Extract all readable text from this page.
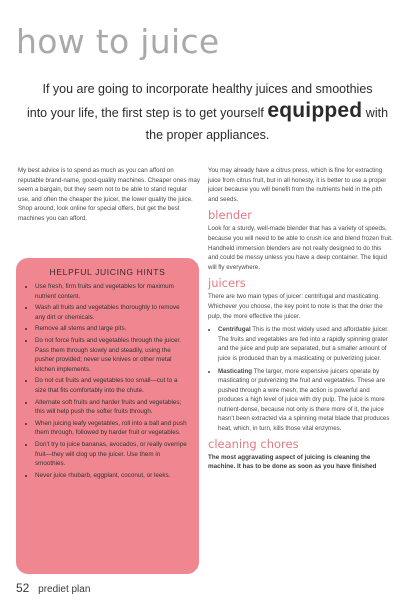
how to juice
If you are going to incorporate healthy juices and smoothies
into your life, the first step is to get yourself equipped with
the proper appliances.

My best advice is to spend as much as you can afford on reputable brand-name, good-quality machines. Cheaper ones may seem a bargain, but they seem not to be able to stand regular use, and often the cheaper the juicer, the lower quality the juice. Shop around, look online for special offers, but get the best machines you can afford.

HELPFUL JUICING HINTS
• Use fresh, firm fruits and vegetables for maximum nutrient content.
• Wash all fruits and vegetables thoroughly to remove any dirt or chemicals.
• Remove all stems and large pits.
• Do not force fruits and vegetables through the juicer. Pass them through slowly and steadily, using the pusher provided; never use knives or other metal kitchen implements.
• Do not cut fruits and vegetables too small—cut to a size that fits comfortably into the chute.
• Alternate soft fruits and harder fruits and vegetables; this will help push the softer fruits through.
• When juicing leafy vegetables, roll into a ball and push them through, followed by harder fruit or vegetables.
• Don't try to juice bananas, avocados, or really overripe fruit—they will clog up the juicer. Use them in smoothies.
• Never juice rhubarb, eggplant, coconut, or leeks.

You may already have a citrus press, which is fine for extracting juice from citrus fruit, but in all honesty, it is better to use a proper juicer because you will benefit from the nutrients held in the pith and seeds.

blender

Look for a sturdy, well-made blender that has a variety of speeds, because you will need to be able to crush ice and blend frozen fruit. Handheld immersion blenders are not really designed to do this and could be messy unless you have a deep container. The liquid will fly everywhere.

juicers

There are two main types of juicer: centrifugal and masticating. Whichever you choose, the key point to note is that the drier the pulp, the more effective the juicer.

• Centrifugal This is the most widely used and affordable juicer. The fruits and vegetables are fed into a rapidly spinning grater and the juice and pulp are separated, but a smaller amount of juice is produced than by a masticating or pulverizing juicer.
• Masticating The larger, more expensive juicers operate by masticating or pulverizing the fruit and vegetables. These are pushed through a wire mesh; the action is powerful and produces a high level of juice with dry pulp. The juice is more nutrient-dense, because not only is there more of it, the juice hasn't been extracted via a spinning metal blade that produces heat, which, in turn, kills those vital enzymes.
cleaning chores

The most aggravating aspect of juicing is cleaning the machine. It has to be done as soon as you have finished

52 prediet plan
